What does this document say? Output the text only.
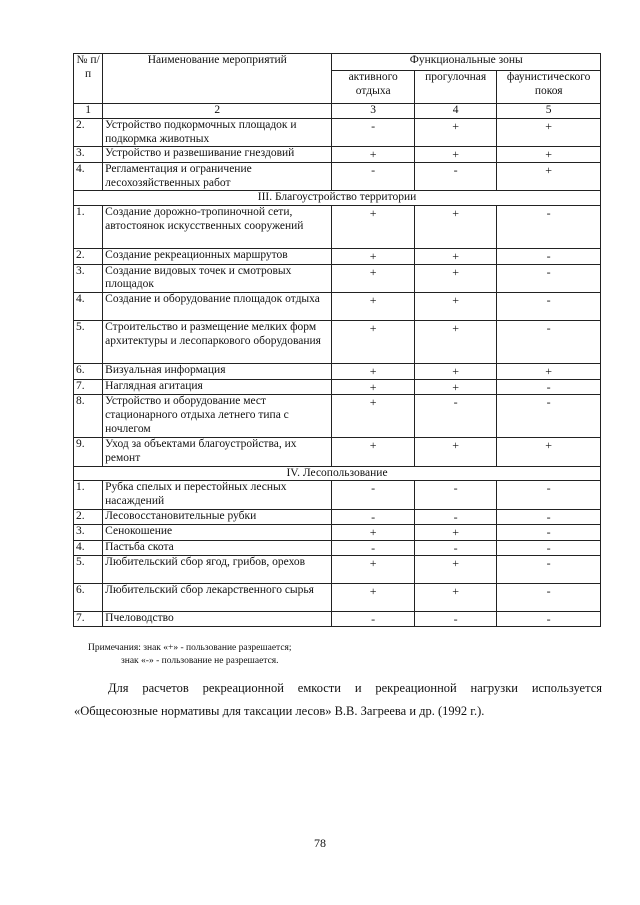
№ п/п	Наименование мероприятий	Функциональные зоны		
		активного отдыха	прогулочная	фаунистического покоя
1	2	3	4	5
2.	Устройство подкормочных площадок и подкормка животных	-	+	+
3.	Устройство и развешивание гнездовий	+	+	+
4.	Регламентация и ограничение лесохозяйственных работ	-	-	+
III. Благоустройство территории				
1.	Создание дорожно-тропиночной сети, автостоянок искусственных сооружений	+	+	-
2.	Создание рекреационных маршрутов	+	+	-
3.	Создание видовых точек и смотровых площадок	+	+	-
4.	Создание и оборудование площадок отдыха	+	+	-
5.	Строительство и размещение мелких форм архитектуры и лесопаркового оборудования	+	+	-
6.	Визуальная информация	+	+	+
7.	Наглядная агитация	+	+	-
8.	Устройство и оборудование мест стационарного отдыха летнего типа с ночлегом	+	-	-
9.	Уход за объектами благоустройства, их ремонт	+	+	+
IV. Лесопользование				
1.	Рубка спелых и перестойных лесных насаждений	-	-	-
2.	Лесовосстановительные рубки	-	-	-
3.	Сенокошение	+	+	-
4.	Пастьба скота	-	-	-
5.	Любительский сбор ягод, грибов, орехов	+	+	-
6.	Любительский сбор лекарственного сырья	+	+	-
7.	Пчеловодство	-	-	-
Примечания: знак «+» - пользование разрешается;
знак «-» - пользование не разрешается.
Для расчетов рекреационной емкости и рекреационной нагрузки используется
«Общесоюзные нормативы для таксации лесов» В.В. Загреева и др. (1992 г.).
78
